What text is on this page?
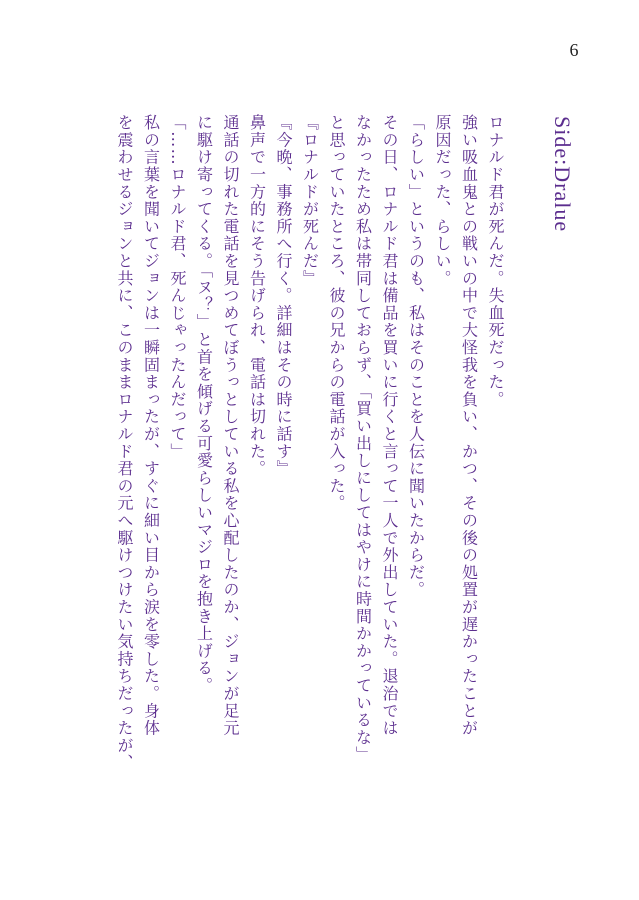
6
Side:Dralue

ロナルド君が死んだ。失血死だった。

強い吸血鬼との戦いの中で大怪我を負い、かつ、その後の処置が遅かったことが

原因だった、らしい。

「らしい」というのも、私はそのことを人伝に聞いたからだ。

その日、ロナルド君は備品を買いに行くと言って一人で外出していた。退治では

なかったため私は帯同しておらず、「買い出しにしてはやけに時間かかっているな」

と思っていたところ、彼の兄からの電話が入った。

『ロナルドが死んだ』

『今晩、事務所へ行く。詳細はその時に話す』

鼻声で一方的にそう告げられ、電話は切れた。

通話の切れた電話を見つめてぼうっとしている私を心配したのか、ジョンが足元

に駆け寄ってくる。「ヌ？」と首を傾げる可愛らしいマジロを抱き上げる。

「……ロナルド君、死んじゃったんだって」

私の言葉を聞いてジョンは一瞬固まったが、すぐに細い目から涙を零した。身体

を震わせるジョンと共に、このままロナルド君の元へ駆けつけたい気持ちだったが、
